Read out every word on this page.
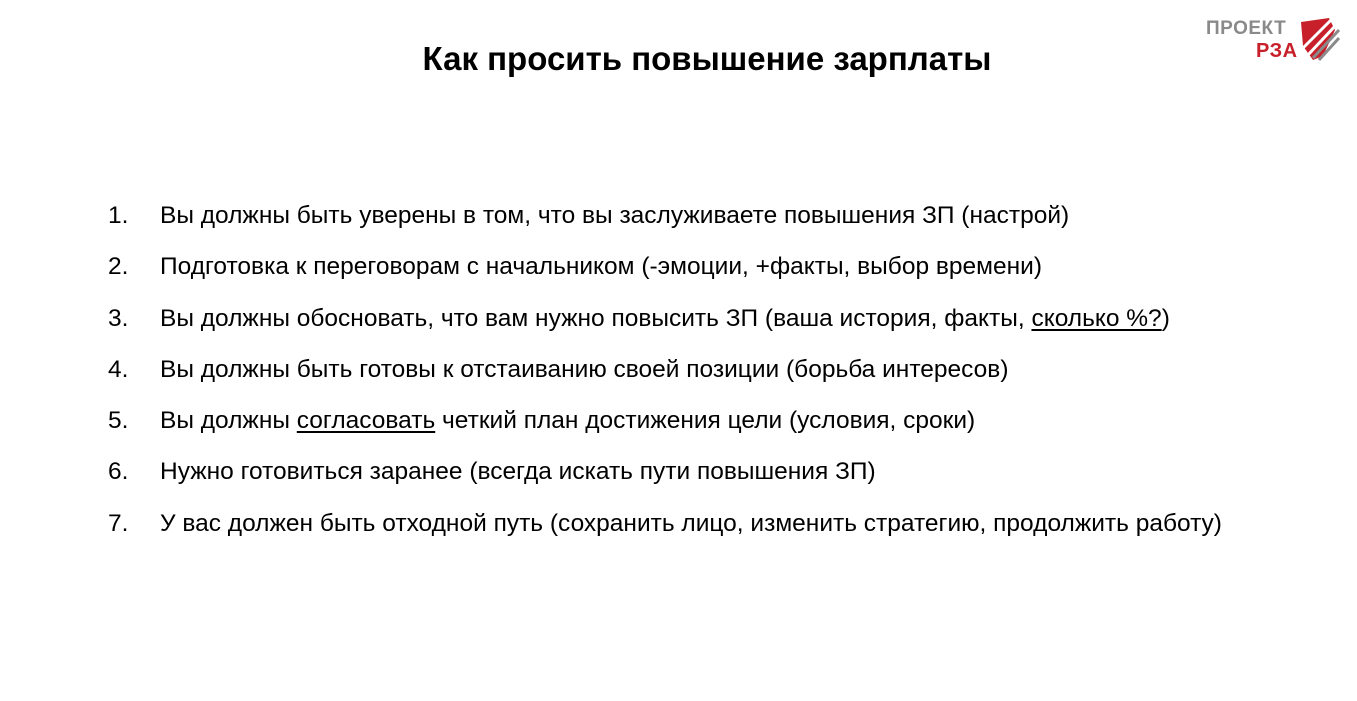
ПРОЕКТ
РЗА
Как просить повышение зарплаты
1.	Вы должны быть уверены в том, что вы заслуживаете повышения ЗП (настрой)
2.	Подготовка к переговорам с начальником (-эмоции, +факты, выбор времени)
3.	Вы должны обосновать, что вам нужно повысить ЗП (ваша история, факты, сколько %?)
4.	Вы должны быть готовы к отстаиванию своей позиции (борьба интересов)
5.	Вы должны согласовать четкий план достижения цели (условия, сроки)
6.	Нужно готовиться заранее (всегда искать пути повышения ЗП)
7.	У вас должен быть отходной путь (сохранить лицо, изменить стратегию, продолжить работу)
